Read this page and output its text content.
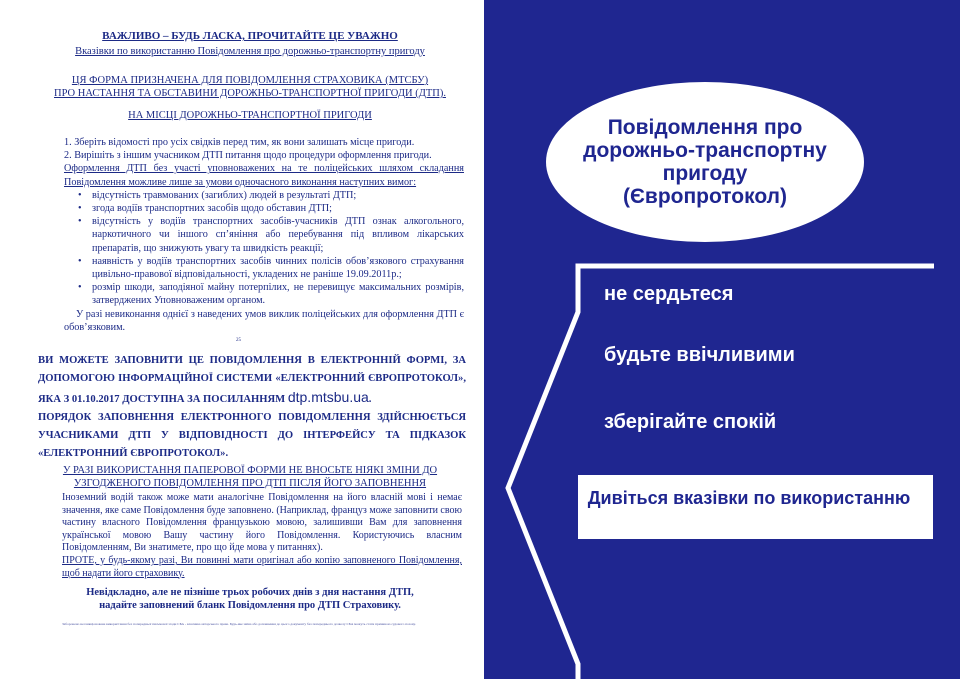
ВАЖЛИВО – БУДЬ ЛАСКА, ПРОЧИТАЙТЕ ЦЕ УВАЖНО

Вказівки по використанню Повідомлення про дорожньо-транспортну пригоду

ЦЯ ФОРМА ПРИЗНАЧЕНА ДЛЯ ПОВІДОМЛЕННЯ СТРАХОВИКА (МТСБУ)
ПРО НАСТАННЯ ТА ОБСТАВИНИ ДОРОЖНЬО-ТРАНСПОРТНОЇ ПРИГОДИ (ДТП).

НА МІСЦІ ДОРОЖНЬО-ТРАНСПОРТНОЇ ПРИГОДИ

1. Зберіть відомості про усіх свідків перед тим, як вони залишать місце пригоди.

2. Вирішіть з іншим учасником ДТП питання щодо процедури оформлення пригоди.

Оформлення ДТП без участі уповноважених на те поліцейських шляхом складання Повідомлення можливе лише за умови одночасного виконання наступних вимог:

• відсутність травмованих (загиблих) людей в результаті ДТП;

• згода водіїв транспортних засобів щодо обставин ДТП;

• відсутність у водіїв транспортних засобів-учасників ДТП ознак алкогольного, наркотичного чи іншого сп’яніння або перебування під впливом лікарських препаратів, що знижують увагу та швидкість реакції;

• наявність у водіїв транспортних засобів чинних полісів обов’язкового страхування цивільно-правової відповідальності, укладених не раніше 19.09.2011р.;

• розмір шкоди, заподіяної майну потерпілих, не перевищує максимальних розмірів, затверджених Уповноваженим органом.

У разі невиконання однієї з наведених умов виклик поліцейських для оформлення ДТП є обов’язковим.

25

ВИ МОЖЕТЕ ЗАПОВНИТИ ЦЕ ПОВІДОМЛЕННЯ В ЕЛЕКТРОННІЙ ФОРМІ, ЗА ДОПОМОГОЮ ІНФОРМАЦІЙНОЇ СИСТЕМИ «ЕЛЕКТРОННИЙ ЄВРОПРОТОКОЛ», ЯКА З 01.10.2017 ДОСТУПНА ЗА ПОСИЛАННЯМ dtp.mtsbu.ua.
ПОРЯДОК ЗАПОВНЕННЯ ЕЛЕКТРОННОГО ПОВІДОМЛЕННЯ ЗДІЙСНЮЄТЬСЯ УЧАСНИКАМИ ДТП У ВІДПОВІДНОСТІ ДО ІНТЕРФЕЙСУ ТА ПІДКАЗОК «ЕЛЕКТРОННИЙ ЄВРОПРОТОКОЛ».
У РАЗІ ВИКОРИСТАННЯ ПАПЕРОВОЇ ФОРМИ НЕ ВНОСЬТЕ НІЯКІ ЗМІНИ ДО
УЗГОДЖЕНОГО ПОВІДОМЛЕННЯ ПРО ДТП ПІСЛЯ ЙОГО ЗАПОВНЕННЯ

Іноземний водій також може мати аналогічне Повідомлення на його власній мові і немає значення, яке саме Повідомлення буде заповнено. (Наприклад, француз може заповнити свою частину власного Повідомлення французькою мовою, залишивши Вам для заповнення української мовою Вашу частину його Повідомлення. Користуючись власним Повідомленням, Ви знатимете, про що йде мова у питаннях).

ПРОТЕ, у будь-якому разі, Ви повинні мати оригінал або копію заповненого Повідомлення, щоб надати його страховику.

Невідкладно, але не пізніше трьох робочих днів з дня настання ДТП,
надайте заповнений бланк Повідомлення про ДТП Страховику.

Заборонено несанкціоноване використання без попередньої письмової згоди СБА - власника авторського права. Будь-яке зміна або доповнення до цього документу без попереднього дозволу СБА можуть стати причиною судового позову.

Повідомлення про
дорожньо-транспортну
пригоду
(Європротокол)
не сердьтеся
будьте ввічливими
зберігайте спокій
Дивіться вказівки по використанню
